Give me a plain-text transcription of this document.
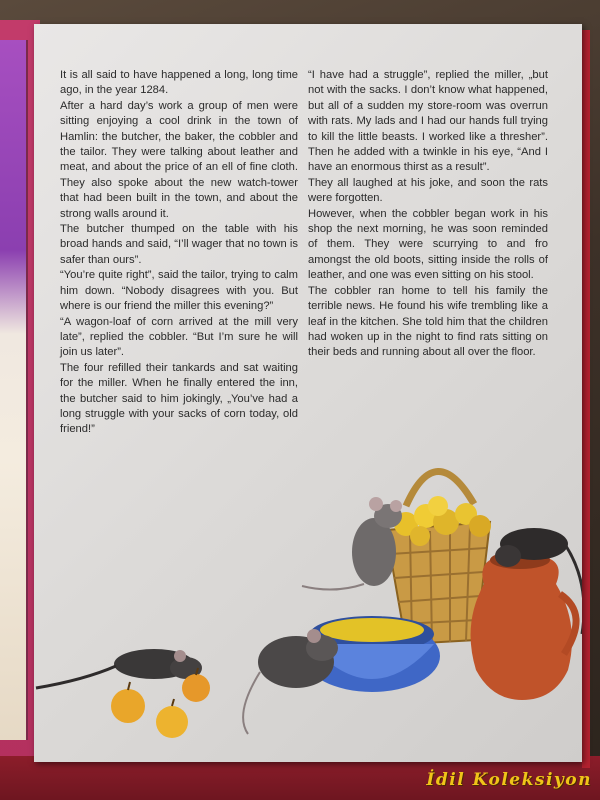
It is all said to have happened a long, long time ago, in the year 1284.

After a hard day’s work a group of men were sitting enjoying a cool drink in the town of Hamlin: the butcher, the baker, the cobbler and the tailor. They were talking about leather and meat, and about the price of an ell of fine cloth. They also spoke about the new watch-tower that had been built in the town, and about the strong walls around it.

The butcher thumped on the table with his broad hands and said, “I’ll wager that no town is safer than ours”.

“You’re quite right”, said the tailor, trying to calm him down. “Nobody disagrees with you. But where is our friend the miller this evening?”

“A wagon-loaf of corn arrived at the mill very late”, replied the cobbler. “But I’m sure he will join us later”.

The four refilled their tankards and sat waiting for the miller. When he finally entered the inn, the butcher said to him jokingly, „You’ve had a long struggle with your sacks of corn today, old friend!”

“I have had a struggle”, replied the miller, „but not with the sacks. I don’t know what happened, but all of a sudden my store-room was overrun with rats. My lads and I had our hands full trying to kill the little beasts. I worked like a thresher”. Then he added with a twinkle in his eye, “And I have an enormous thirst as a result”.

They all laughed at his joke, and soon the rats were forgotten.

However, when the cobbler began work in his shop the next morning, he was soon reminded of them. They were scurrying to and fro amongst the old boots, sitting inside the rolls of leather, and one was even sitting on his stool.

The cobbler ran home to tell his family the terrible news. He found his wife trembling like a leaf in the kitchen. She told him that the children had woken up in the night to find rats sitting on their beds and running about all over the floor.

İdil Koleksiyon
